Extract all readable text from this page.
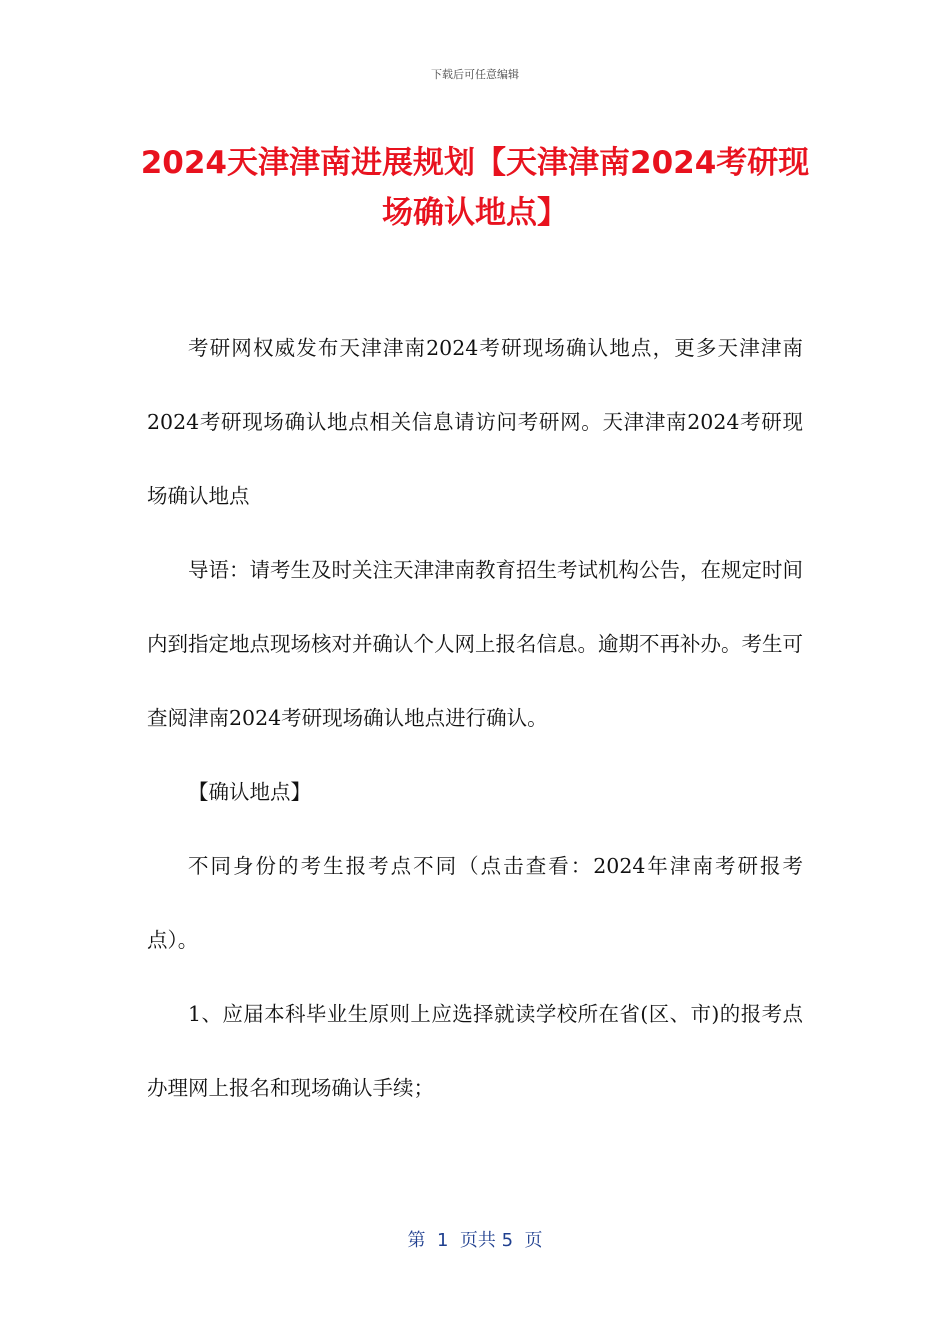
下载后可任意编辑
2024天津津南进展规划【天津津南2024考研现场确认地点】

考研网权威发布天津津南2024考研现场确认地点，更多天津津南2024考研现场确认地点相关信息请访问考研网。天津津南2024考研现场确认地点

导语：请考生及时关注天津津南教育招生考试机构公告，在规定时间内到指定地点现场核对并确认个人网上报名信息。逾期不再补办。考生可查阅津南2024考研现场确认地点进行确认。

【确认地点】

不同身份的考生报考点不同（点击查看：2024年津南考研报考点）。

1、应届本科毕业生原则上应选择就读学校所在省(区、市)的报考点办理网上报名和现场确认手续；

第  1  页共 5  页
